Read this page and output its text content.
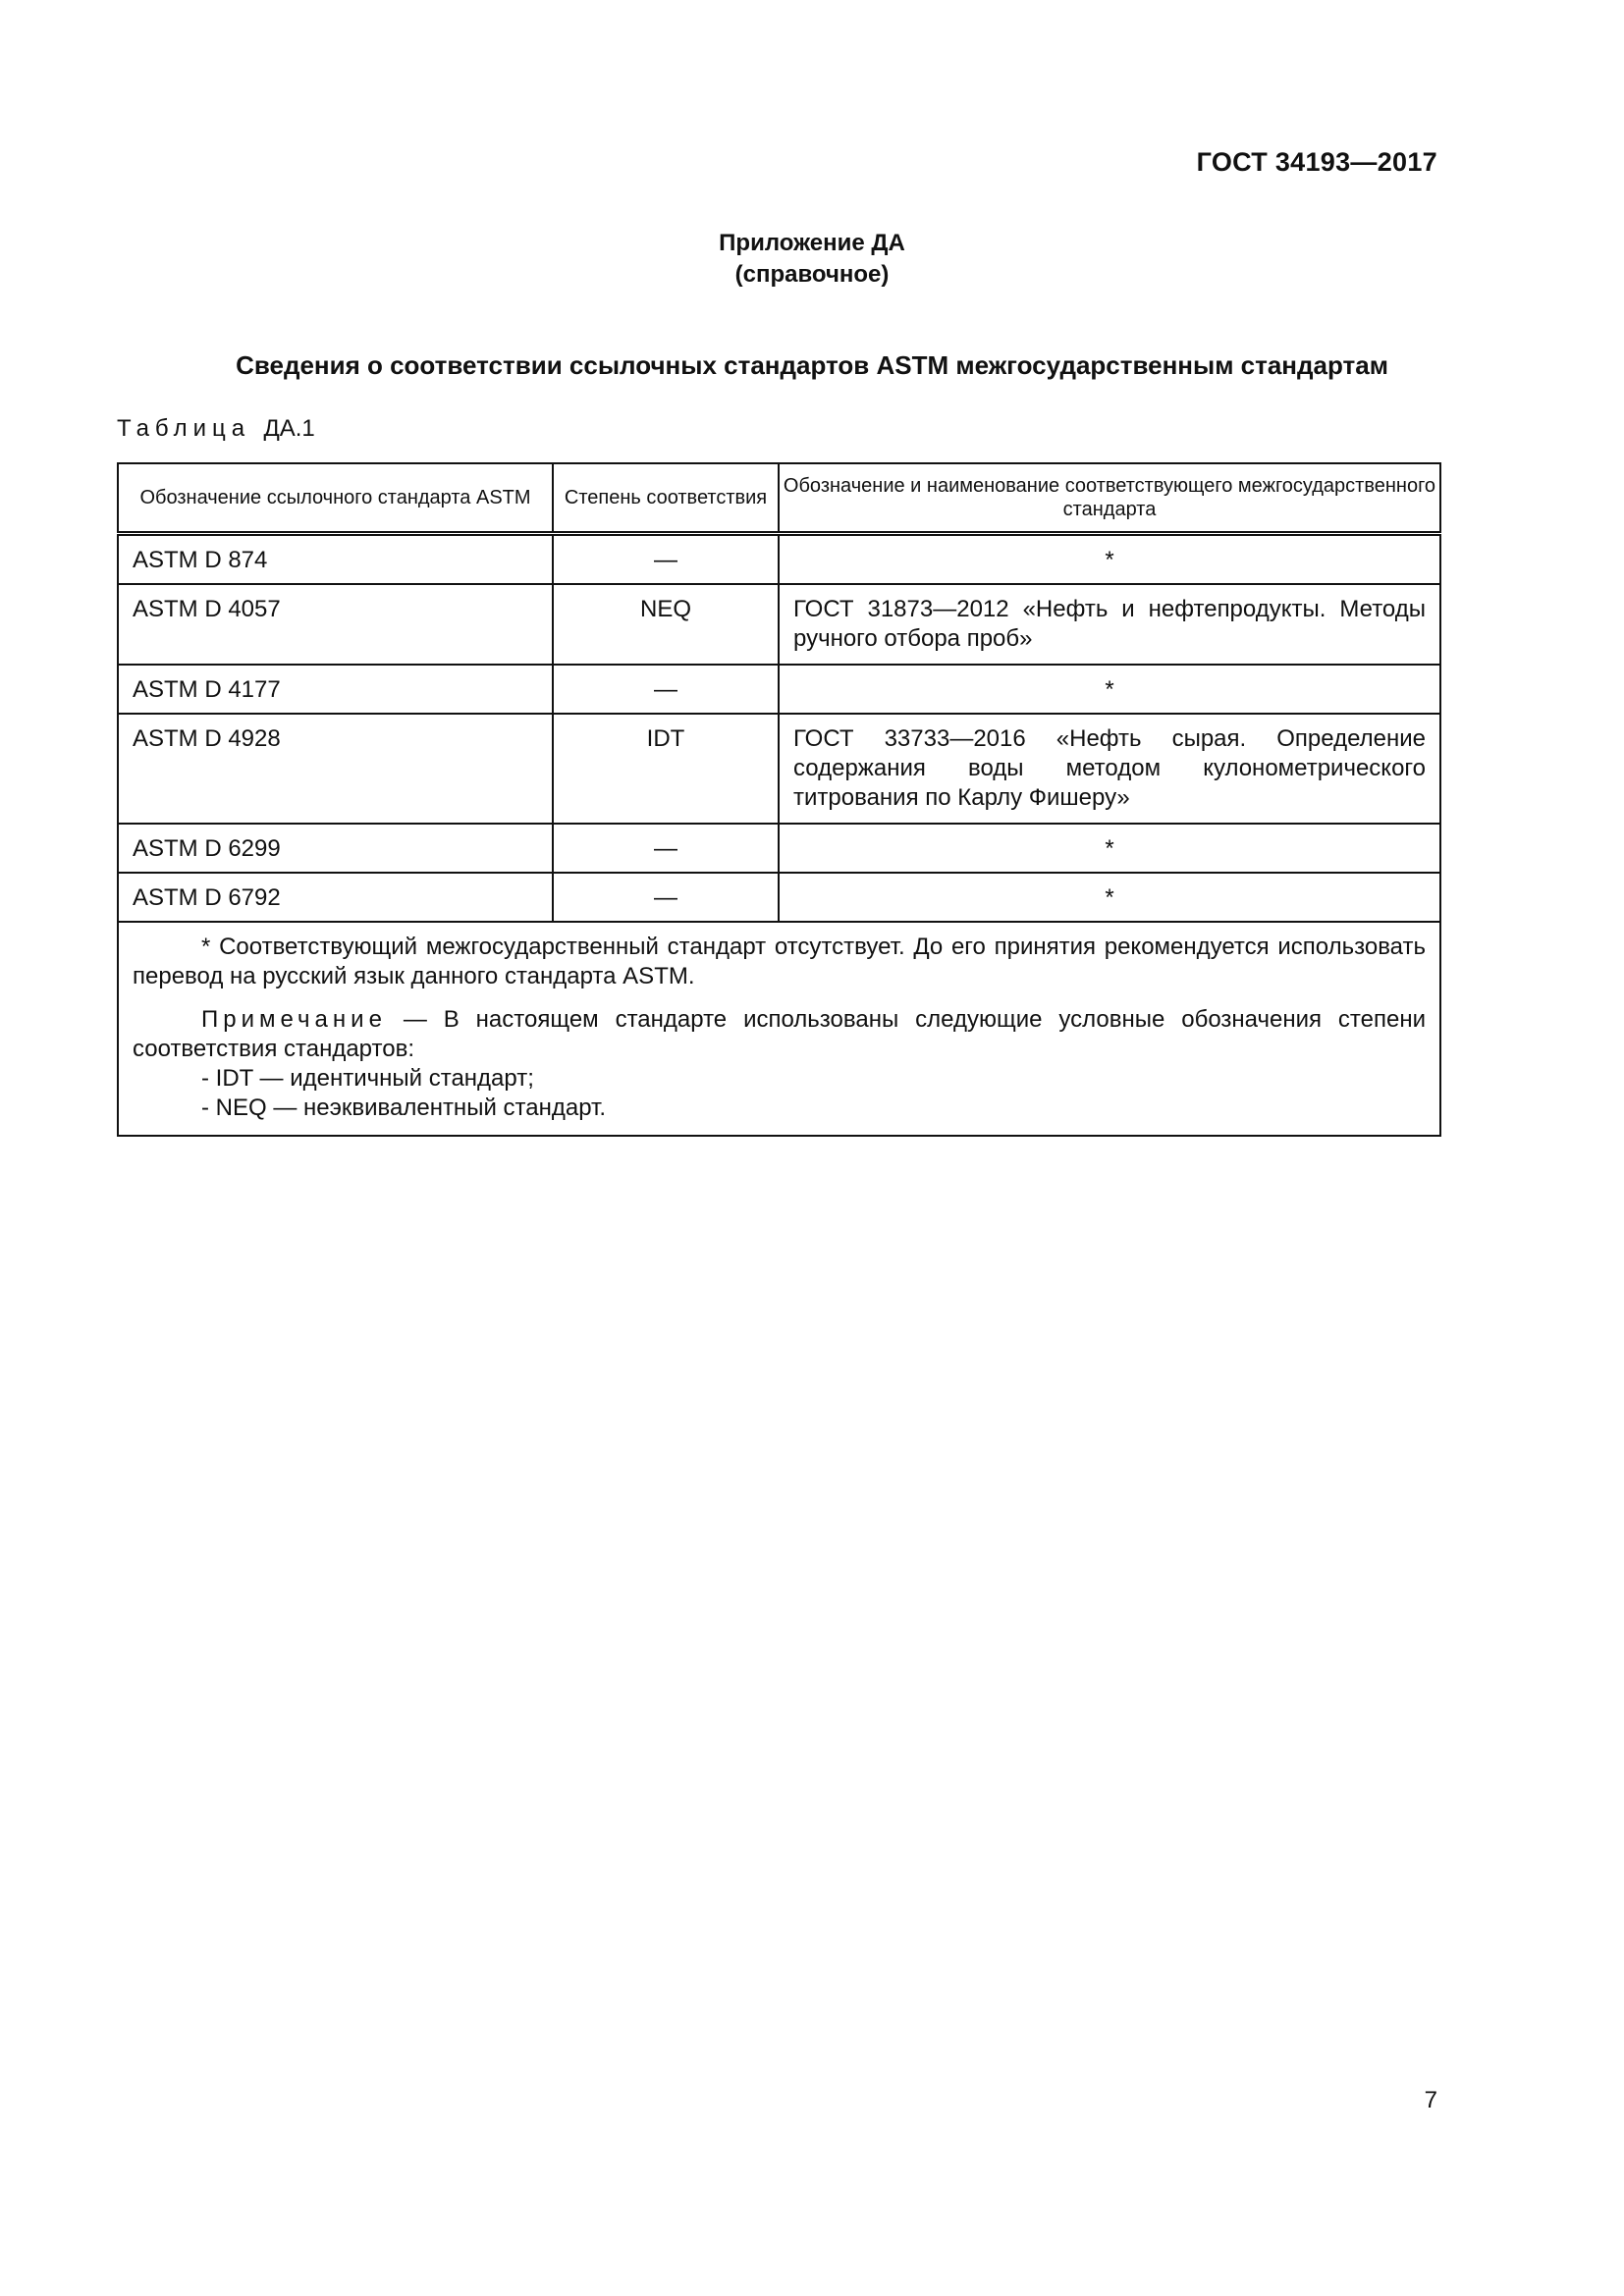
ГОСТ 34193—2017
Приложение ДА
(справочное)
Сведения о соответствии ссылочных стандартов ASTM межгосударственным стандартам
Таблица ДА.1
Обозначение ссылочного стандарта ASTM	Степень соответствия	Обозначение и наименование соответствующего межгосударственного стандарта
ASTM D 874	—	*
ASTM D 4057	NEQ	ГОСТ 31873—2012 «Нефть и нефтепродукты. Методы ручного отбора проб»
ASTM D 4177	—	*
ASTM D 4928	IDT	ГОСТ 33733—2016 «Нефть сырая. Определение содержания воды методом кулонометрического титрования по Карлу Фишеру»
ASTM D 6299	—	*
ASTM D 6792	—	*

* Соответствующий межгосударственный стандарт отсутствует. До его принятия рекомендуется использовать перевод на русский язык данного стандарта ASTM.

Примечание — В настоящем стандарте использованы следующие условные обозначения степени соответствия стандартов:

- IDT — идентичный стандарт;

- NEQ — неэквивалентный стандарт.		

7
